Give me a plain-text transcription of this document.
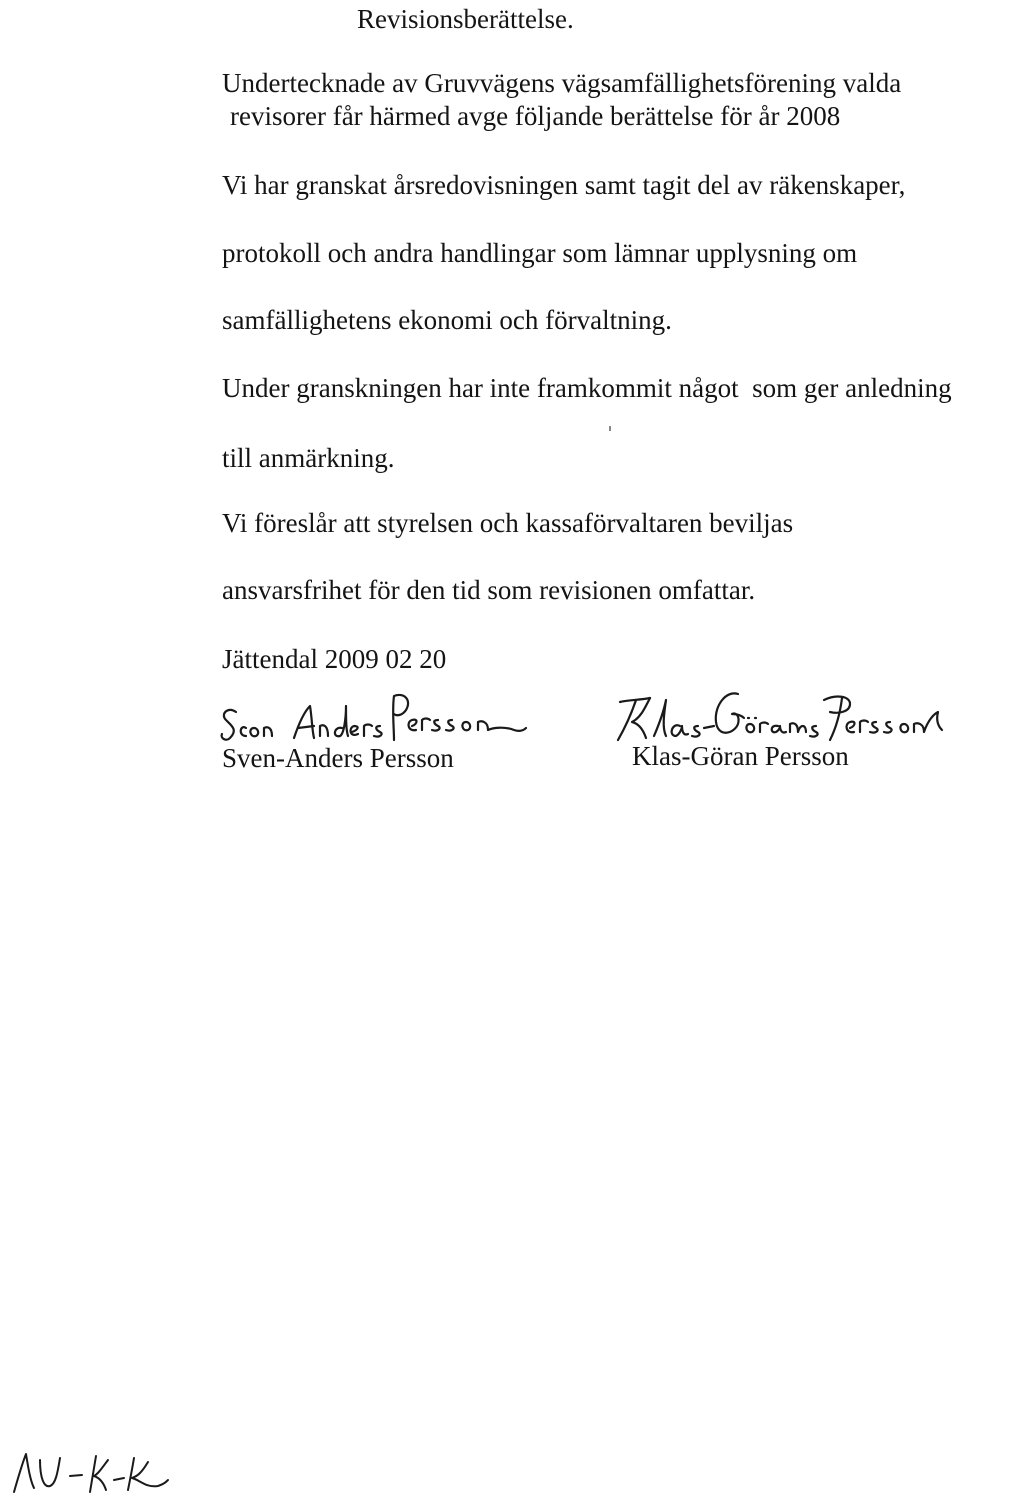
Revisionsberättelse.
Undertecknade av Gruvvägens vägsamfällighetsförening valda
revisorer får härmed avge följande berättelse för år 2008
Vi har granskat årsredovisningen samt tagit del av räkenskaper,
protokoll och andra handlingar som lämnar upplysning om
samfällighetens ekonomi och förvaltning.
Under granskningen har inte framkommit något  som ger anledning
till anmärkning.
Vi föreslår att styrelsen och kassaförvaltaren beviljas
ansvarsfrihet för den tid som revisionen omfattar.
Jättendal 2009 02 20
Sven-Anders Persson	Klas-Göran Persson
